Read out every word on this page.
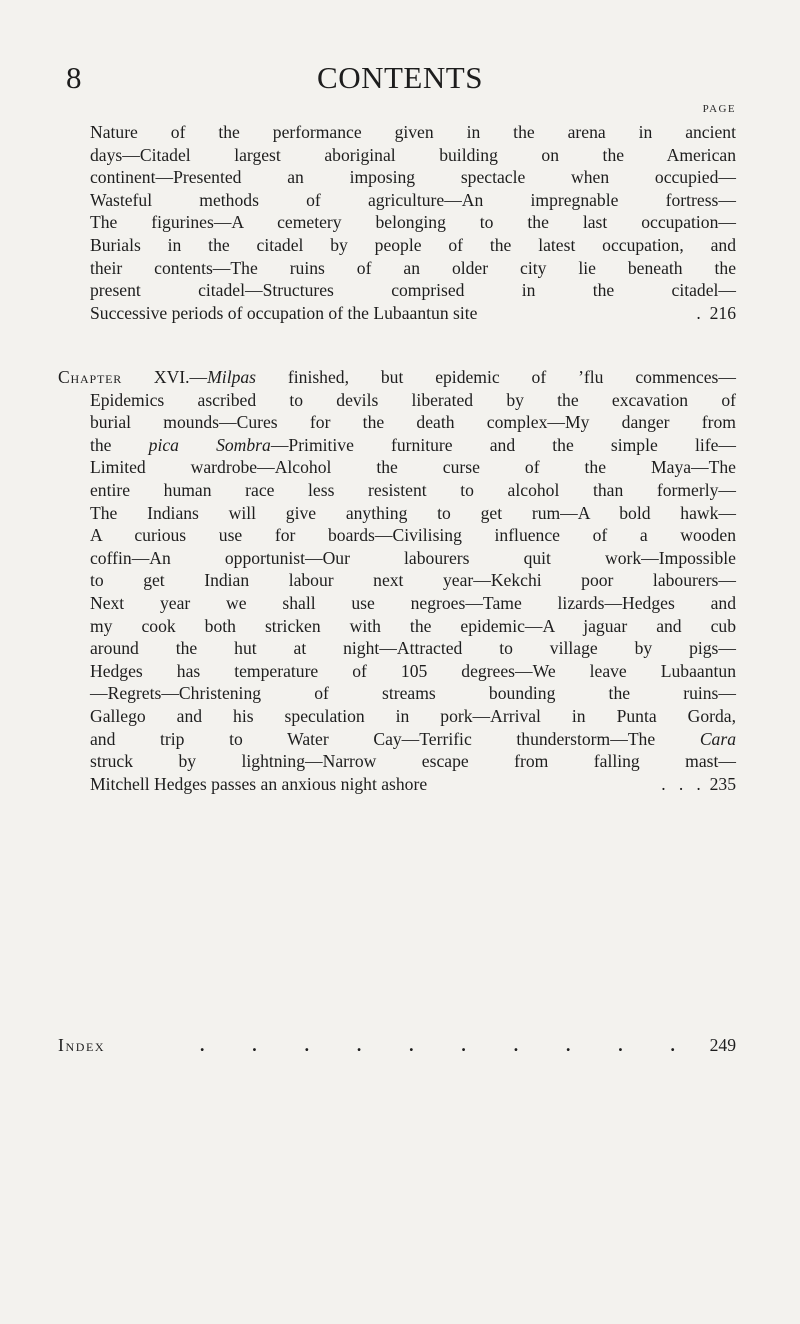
8	CONTENTS
PAGE
Nature of the performance given in the arena in ancient
days—Citadel largest aboriginal building on the American
continent—Presented an imposing spectacle when occupied—
Wasteful methods of agriculture—An impregnable fortress—
The figurines—A cemetery belonging to the last occupation—
Burials in the citadel by people of the latest occupation, and
their contents—The ruins of an older city lie beneath the
present citadel—Structures comprised in the citadel—
Successive periods of occupation of the Lubaantun site	. 216
Chapter XVI.—Milpas finished, but epidemic of ’flu commences—
Epidemics ascribed to devils liberated by the excavation of
burial mounds—Cures for the death complex—My danger from
the pica Sombra—Primitive furniture and the simple life—
Limited wardrobe—Alcohol the curse of the Maya—The
entire human race less resistent to alcohol than formerly—
The Indians will give anything to get rum—A bold hawk—
A curious use for boards—Civilising influence of a wooden
coffin—An opportunist—Our labourers quit work—Impossible
to get Indian labour next year—Kekchi poor labourers—
Next year we shall use negroes—Tame lizards—Hedges and
my cook both stricken with the epidemic—A jaguar and cub
around the hut at night—Attracted to village by pigs—
Hedges has temperature of 105 degrees—We leave Lubaantun
—Regrets—Christening of streams bounding the ruins—
Gallego and his speculation in pork—Arrival in Punta Gorda,
and trip to Water Cay—Terrific thunderstorm—The Cara
struck by lightning—Narrow escape from falling mast—
Mitchell Hedges passes an anxious night ashore	.   .   . 235
Index	.	.	.	.	.	.	.	.	.	. 249
